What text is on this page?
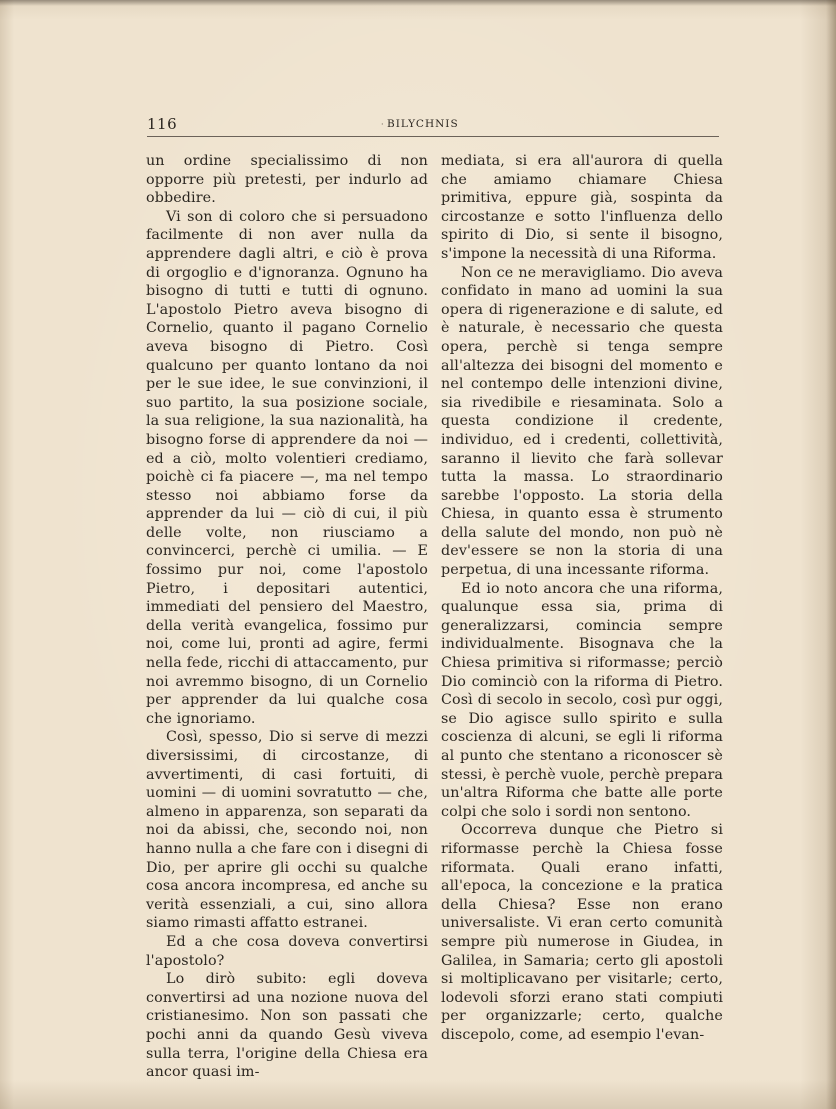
116	· BILYCHNIS

un ordine specialissimo di non opporre più pretesti, per indurlo ad obbedire.

Vi son di coloro che si persuadono facilmente di non aver nulla da apprendere dagli altri, e ciò è prova di orgoglio e d'ignoranza. Ognuno ha bisogno di tutti e tutti di ognuno. L'apostolo Pietro aveva bisogno di Cornelio, quanto il pagano Cornelio aveva bisogno di Pietro. Così qualcuno per quanto lontano da noi per le sue idee, le sue convinzioni, il suo partito, la sua posizione sociale, la sua religione, la sua nazionalità, ha bisogno forse di apprendere da noi — ed a ciò, molto volentieri crediamo, poichè ci fa piacere —, ma nel tempo stesso noi abbiamo forse da apprender da lui — ciò di cui, il più delle volte, non riusciamo a convincerci, perchè ci umilia. — E fossimo pur noi, come l'apostolo Pietro, i depositari autentici, immediati del pensiero del Maestro, della verità evangelica, fossimo pur noi, come lui, pronti ad agire, fermi nella fede, ricchi di attaccamento, pur noi avremmo bisogno, di un Cornelio per apprender da lui qualche cosa che ignoriamo.

Così, spesso, Dio si serve di mezzi diversissimi, di circostanze, di avvertimenti, di casi fortuiti, di uomini — di uomini sovratutto — che, almeno in apparenza, son separati da noi da abissi, che, secondo noi, non hanno nulla a che fare con i disegni di Dio, per aprire gli occhi su qualche cosa ancora incompresa, ed anche su verità essenziali, a cui, sino allora siamo rimasti affatto estranei.

Ed a che cosa doveva convertirsi l'apostolo?

Lo dirò subito: egli doveva convertirsi ad una nozione nuova del cristianesimo. Non son passati che pochi anni da quando Gesù viveva sulla terra, l'origine della Chiesa era ancor quasi im-

mediata, si era all'aurora di quella che amiamo chiamare Chiesa primitiva, eppure già, sospinta da circostanze e sotto l'influenza dello spirito di Dio, si sente il bisogno, s'impone la necessità di una Riforma.

Non ce ne meravigliamo. Dio aveva confidato in mano ad uomini la sua opera di rigenerazione e di salute, ed è naturale, è necessario che questa opera, perchè si tenga sempre all'altezza dei bisogni del momento e nel contempo delle intenzioni divine, sia rivedibile e riesaminata. Solo a questa condizione il credente, individuo, ed i credenti, collettività, saranno il lievito che farà sollevar tutta la massa. Lo straordinario sarebbe l'opposto. La storia della Chiesa, in quanto essa è strumento della salute del mondo, non può nè dev'essere se non la storia di una perpetua, di una incessante riforma.

Ed io noto ancora che una riforma, qualunque essa sia, prima di generalizzarsi, comincia sempre individualmente. Bisognava che la Chiesa primitiva si riformasse; perciò Dio cominciò con la riforma di Pietro. Così di secolo in secolo, così pur oggi, se Dio agisce sullo spirito e sulla coscienza di alcuni, se egli li riforma al punto che stentano a riconoscer sè stessi, è perchè vuole, perchè prepara un'altra Riforma che batte alle porte colpi che solo i sordi non sentono.

Occorreva dunque che Pietro si riformasse perchè la Chiesa fosse riformata. Quali erano infatti, all'epoca, la concezione e la pratica della Chiesa? Esse non erano universaliste. Vi eran certo comunità sempre più numerose in Giudea, in Galilea, in Samaria; certo gli apostoli si moltiplicavano per visitarle; certo, lodevoli sforzi erano stati compiuti per organizzarle; certo, qualche discepolo, come, ad esempio l'evan-
